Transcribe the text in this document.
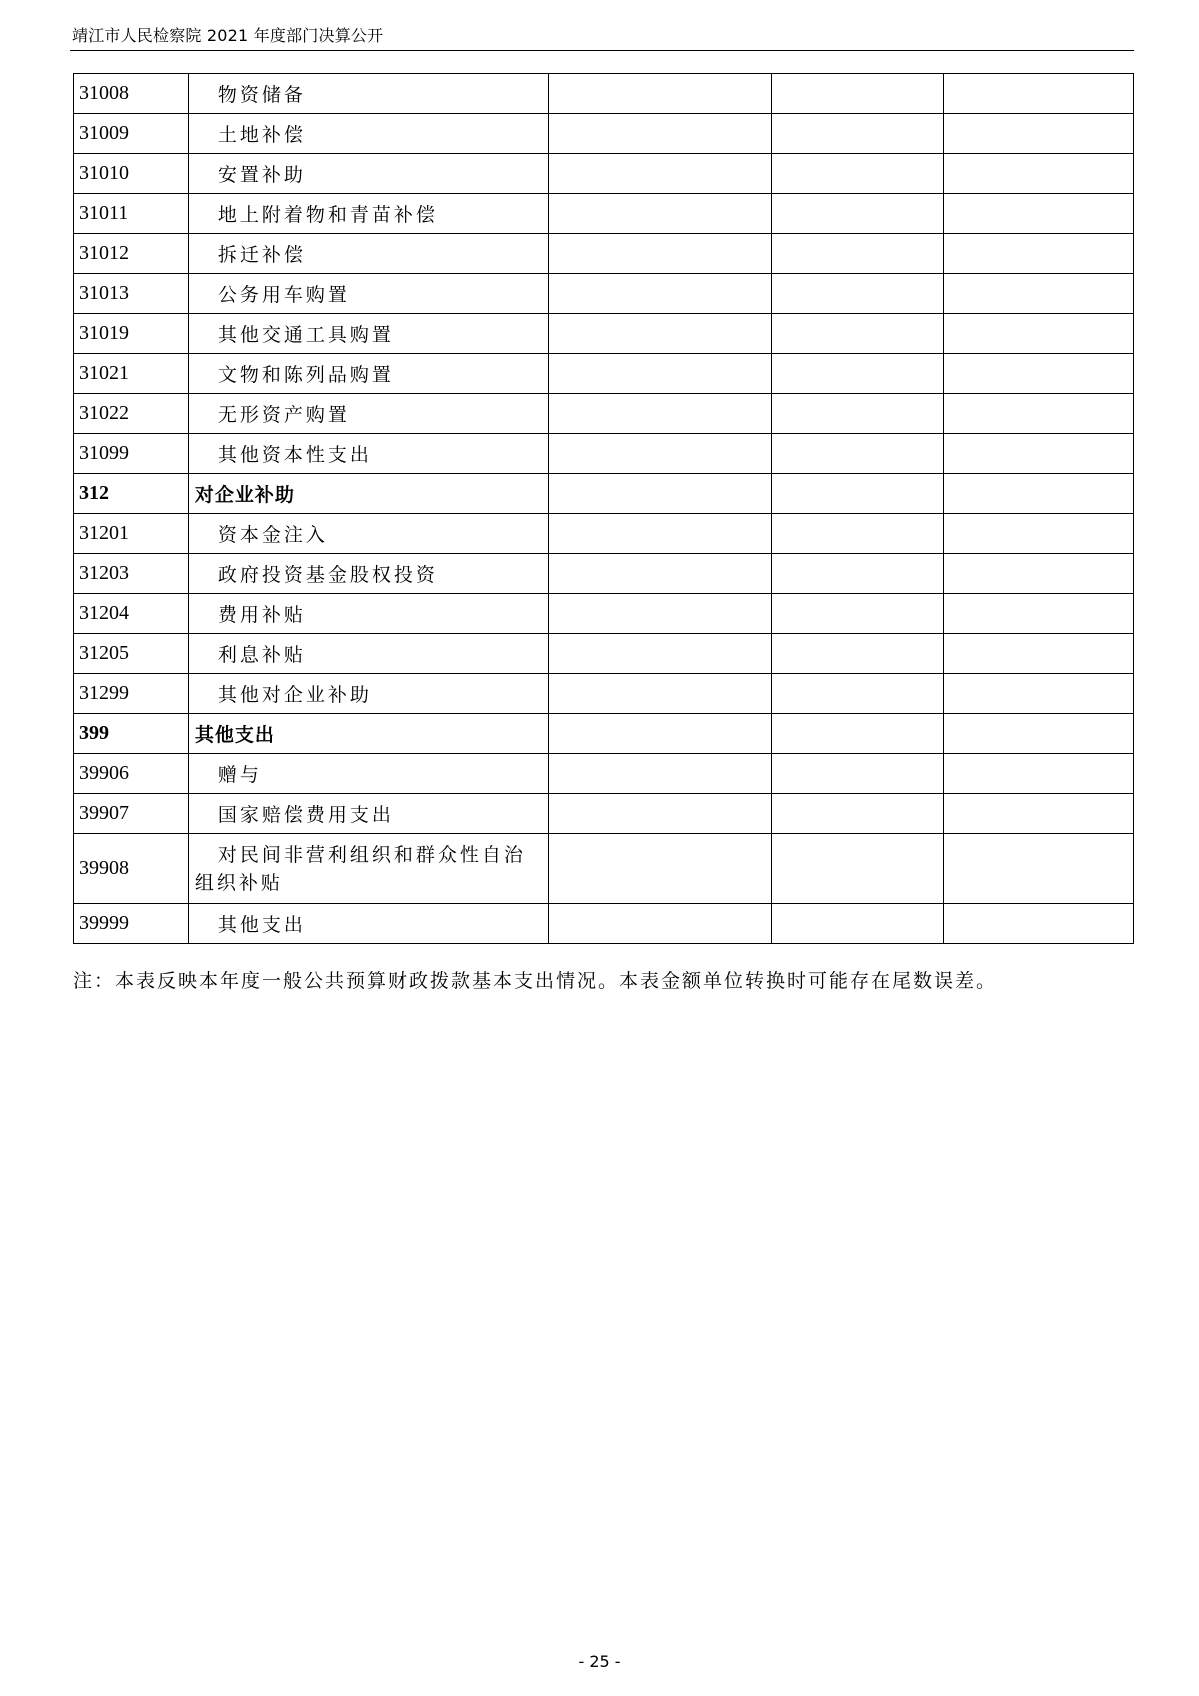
靖江市人民检察院 2021 年度部门决算公开
31008	物资储备			
31009	土地补偿			
31010	安置补助			
31011	地上附着物和青苗补偿			
31012	拆迁补偿			
31013	公务用车购置			
31019	其他交通工具购置			
31021	文物和陈列品购置			
31022	无形资产购置			
31099	其他资本性支出			
312	对企业补助			
31201	资本金注入			
31203	政府投资基金股权投资			
31204	费用补贴			
31205	利息补贴			
31299	其他对企业补助			
399	其他支出			
39906	赠与			
39907	国家赔偿费用支出			
39908	对民间非营利组织和群众性自治
组织补贴			
39999	其他支出			
注：本表反映本年度一般公共预算财政拨款基本支出情况。本表金额单位转换时可能存在尾数误差。
- 25 -
